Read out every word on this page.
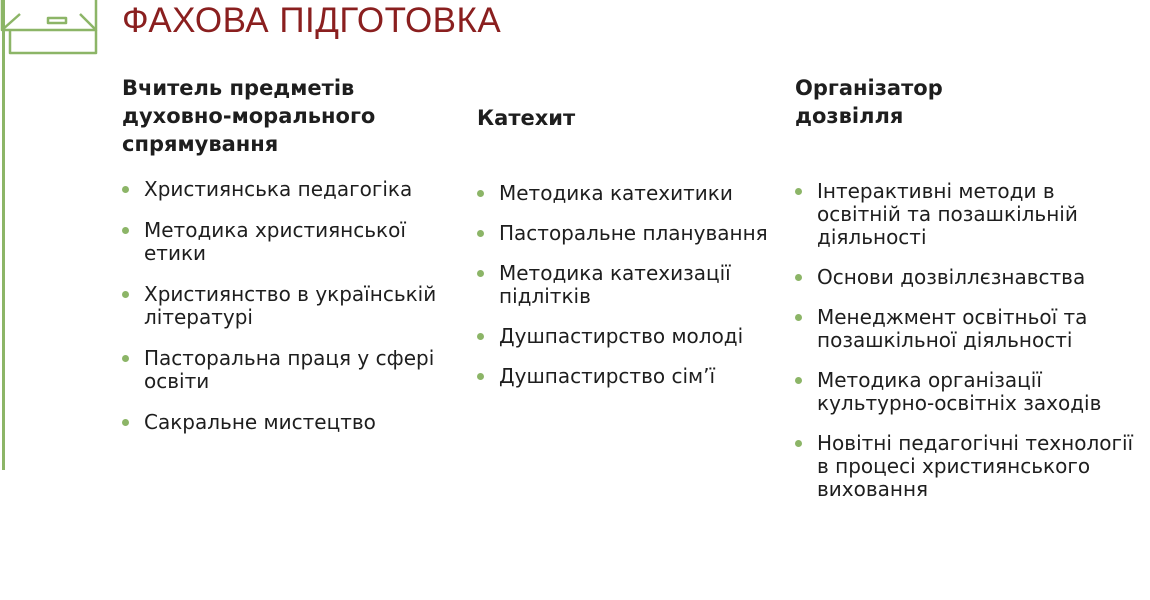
ФАХОВА ПІДГОТОВКА
Вчитель предметів
духовно-морального
спрямування
Християнська педагогіка
Методика християнської етики
Християнство в українській літературі
Пасторальна праця у сфері освіти
Сакральне мистецтво
Катехит
Методика катехитики
Пасторальне планування
Методика катехизації підлітків
Душпастирство молоді
Душпастирство сім’ї
Організатор
дозвілля
Інтерактивні методи в освітній та позашкільній діяльності
Основи дозвіллєзнавства
Менеджмент освітньої та позашкільної діяльності
Методика організації культурно-освітніх заходів
Новітні педагогічні технології в процесі християнського виховання
